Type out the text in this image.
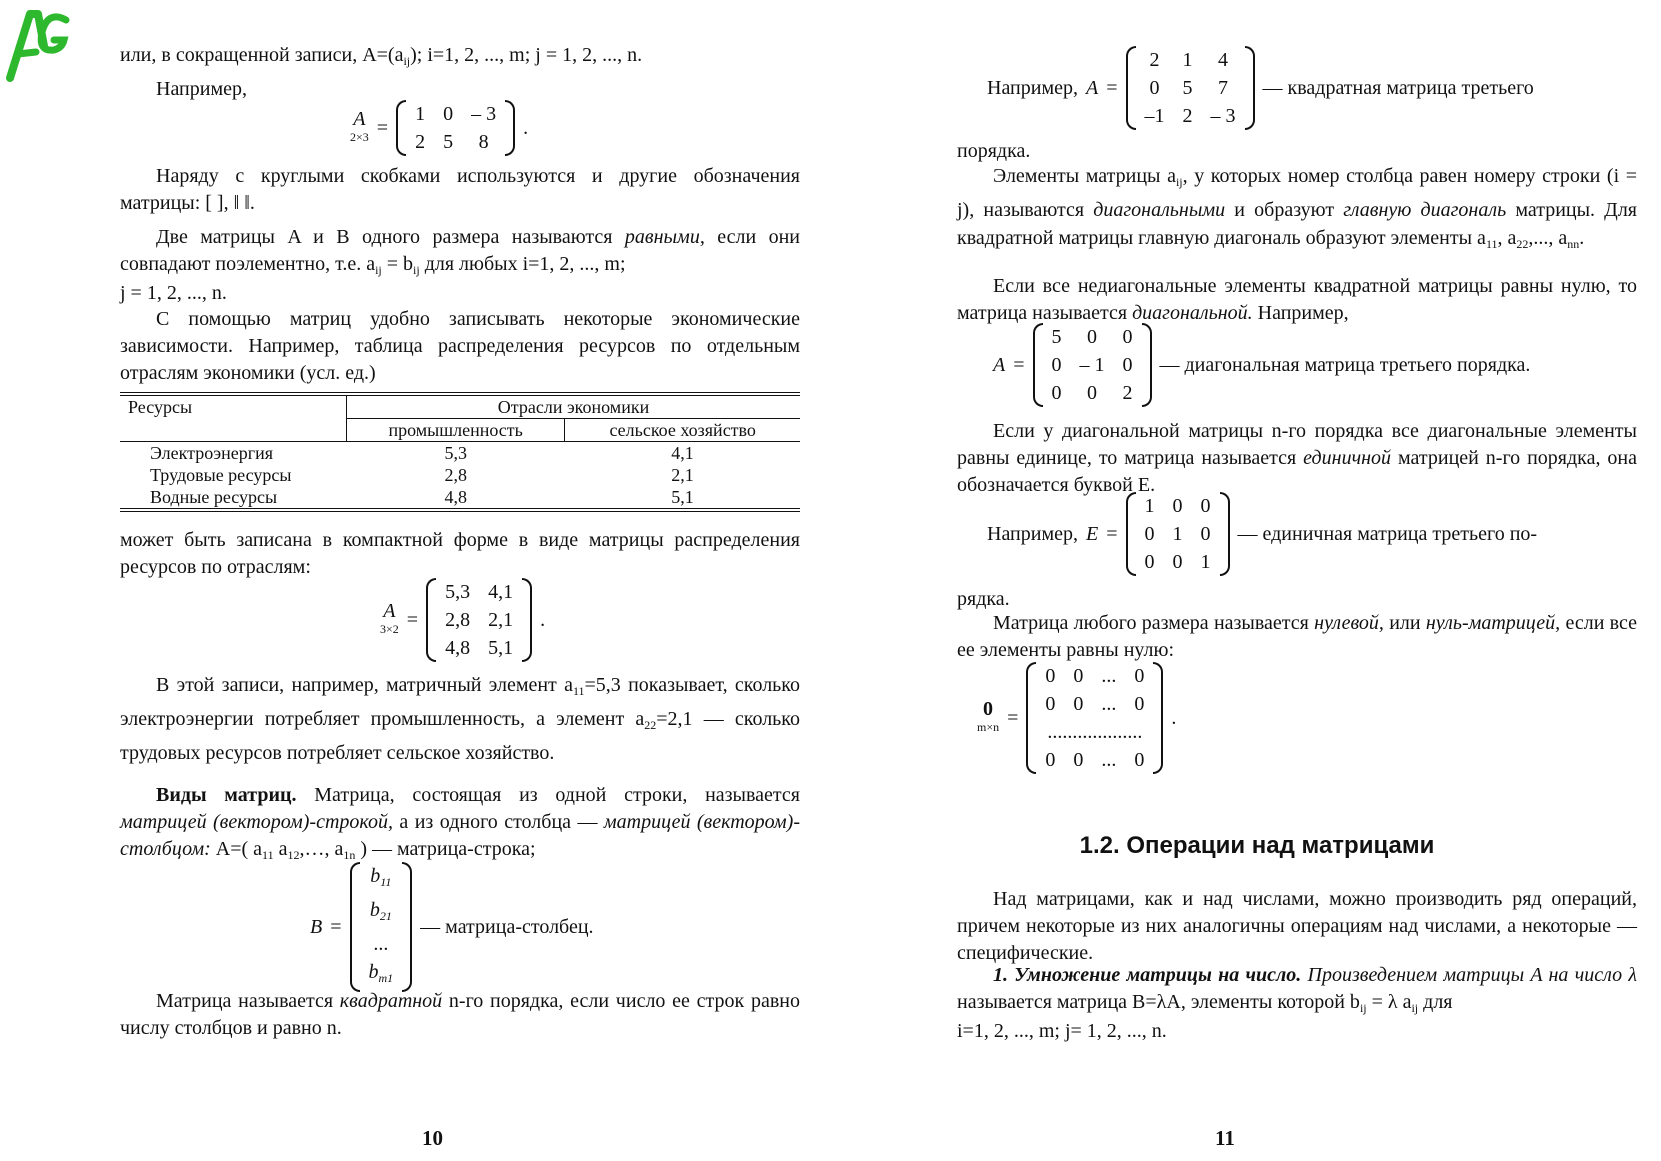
или, в сокращенной записи, $A=(a_{ij})$; i=1, 2, ..., m; j = 1, 2, ..., n.

Например,

A
2×3 =
1	0	– 3
2	5	8
.

Наряду с круглыми скобками используются и другие обозначения матрицы: [ ], ‖ ‖.

Две матрицы A и B одного размера называются равными, если они совпадают поэлементно, т.е. $a_{ij} = b_{ij}$ для любых i=1, 2, ..., m;

j = 1, 2, ..., n.

С помощью матриц удобно записывать некоторые экономические зависимости. Например, таблица распределения ресурсов по отдельным отраслям экономики (усл. ед.)

Ресурсы	Отрасли экономики	
	промышленность	сельское хозяйство
Электроэнергия	5,3	4,1
Трудовые ресурсы	2,8	2,1
Водные ресурсы	4,8	5,1

может быть записана в компактной форме в виде матрицы распределения ресурсов по отраслям:

A
3×2 =
5,3	4,1
2,8	2,1
4,8	5,1
.

В этой записи, например, матричный элемент $a_{11}=5,3$ показывает, сколько электроэнергии потребляет промышленность, а элемент $a_{22}=2,1$ — сколько трудовых ресурсов потребляет сельское хозяйство.

Виды матриц. Матрица, состоящая из одной строки, называется матрицей (вектором)-строкой, а из одного столбца — матрицей (вектором)-столбцом: A=( $a_{11}$ $a_{12},\dots$, $a_{1n}$ ) — матрица-строка;

B =
$b_{11}$
$b_{21}$
...
$b_{m1}$
— матрица-столбец.

Матрица называется квадратной n-го порядка, если число ее строк равно числу столбцов и равно n.

10
Например, A =
2	1	4
0	5	7
–1	2	– 3
— квадратная матрица третьего

порядка.

Элементы матрицы $a_{ij}$, у которых номер столбца равен номеру строки (i = j), называются диагональными и образуют главную диагональ матрицы. Для квадратной матрицы главную диагональ образуют элементы $a_{11}$, $a_{22}$,..., $a_{nn}$.

Если все недиагональные элементы квадратной матрицы равны нулю, то матрица называется диагональной. Например,

A =
5	0	0
0	– 1	0
0	0	2
— диагональная матрица третьего порядка.

Если у диагональной матрицы n-го порядка все диагональные элементы равны единице, то матрица называется единичной матрицей n-го порядка, она обозначается буквой E.

Например, E =
1	0	0
0	1	0
0	0	1
— единичная матрица третьего по-

рядка.

Матрица любого размера называется нулевой, или нуль-матрицей, если все ее элементы равны нулю:

0
m×n =
0	0	...	0
0	0	...	0
...................			
0	0	...	0
.
1.2. Операции над матрицами

Над матрицами, как и над числами, можно производить ряд операций, причем некоторые из них аналогичны операциям над числами, а некоторые — специфические.

1. Умножение матрицы на число. Произведением матрицы A на число λ называется матрица B=λA, элементы которой $b_{ij} = \lambda$ $a_{ij}$ для

i=1, 2, ..., m; j= 1, 2, ..., n.

11
